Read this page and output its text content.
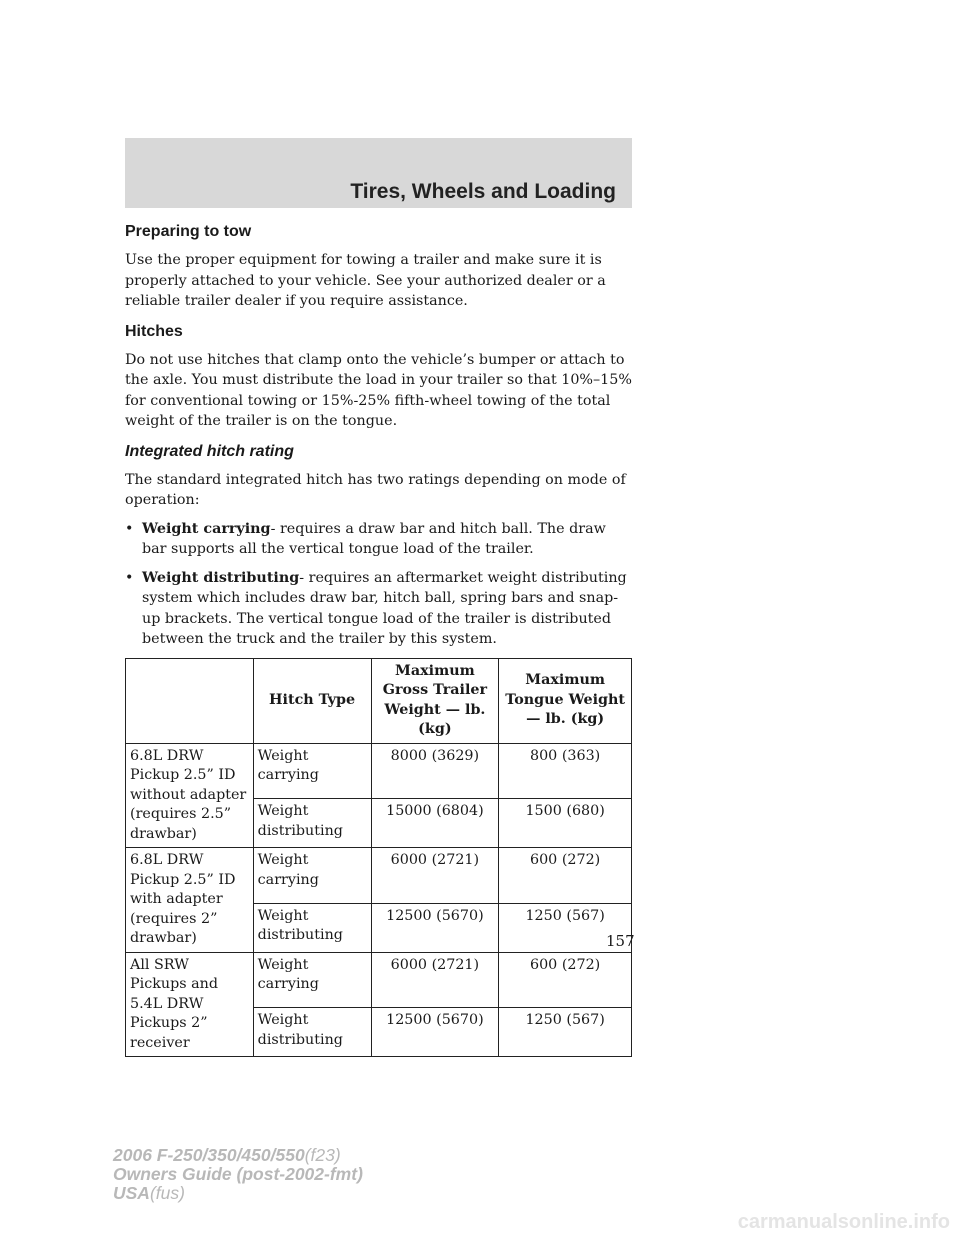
Tires, Wheels and Loading
Preparing to tow

Use the proper equipment for towing a trailer and make sure it is properly attached to your vehicle. See your authorized dealer or a reliable trailer dealer if you require assistance.

Hitches

Do not use hitches that clamp onto the vehicle’s bumper or attach to the axle. You must distribute the load in your trailer so that 10%–15% for conventional towing or 15%-25% fifth-wheel towing of the total weight of the trailer is on the tongue.

Integrated hitch rating

The standard integrated hitch has two ratings depending on mode of operation:

• Weight carrying- requires a draw bar and hitch ball. The draw bar supports all the vertical tongue load of the trailer.

• Weight distributing- requires an aftermarket weight distributing system which includes draw bar, hitch ball, spring bars and snap-up brackets. The vertical tongue load of the trailer is distributed between the truck and the trailer by this system.

	Hitch Type	Maximum Gross Trailer Weight — lb. (kg)	Maximum Tongue Weight — lb. (kg)
6.8L DRW Pickup 2.5” ID without adapter (requires 2.5” drawbar)	Weight carrying	8000 (3629)	800 (363)
	Weight distributing	15000 (6804)	1500 (680)
6.8L DRW Pickup 2.5” ID with adapter (requires 2” drawbar)	Weight carrying	6000 (2721)	600 (272)
	Weight distributing	12500 (5670)	1250 (567)
All SRW Pickups and 5.4L DRW Pickups 2” receiver	Weight carrying	6000 (2721)	600 (272)
	Weight distributing	12500 (5670)	1250 (567)
157
2006 F-250/350/450/550(f23)
Owners Guide (post-2002-fmt)
USA(fus)
carmanualsonline.info
